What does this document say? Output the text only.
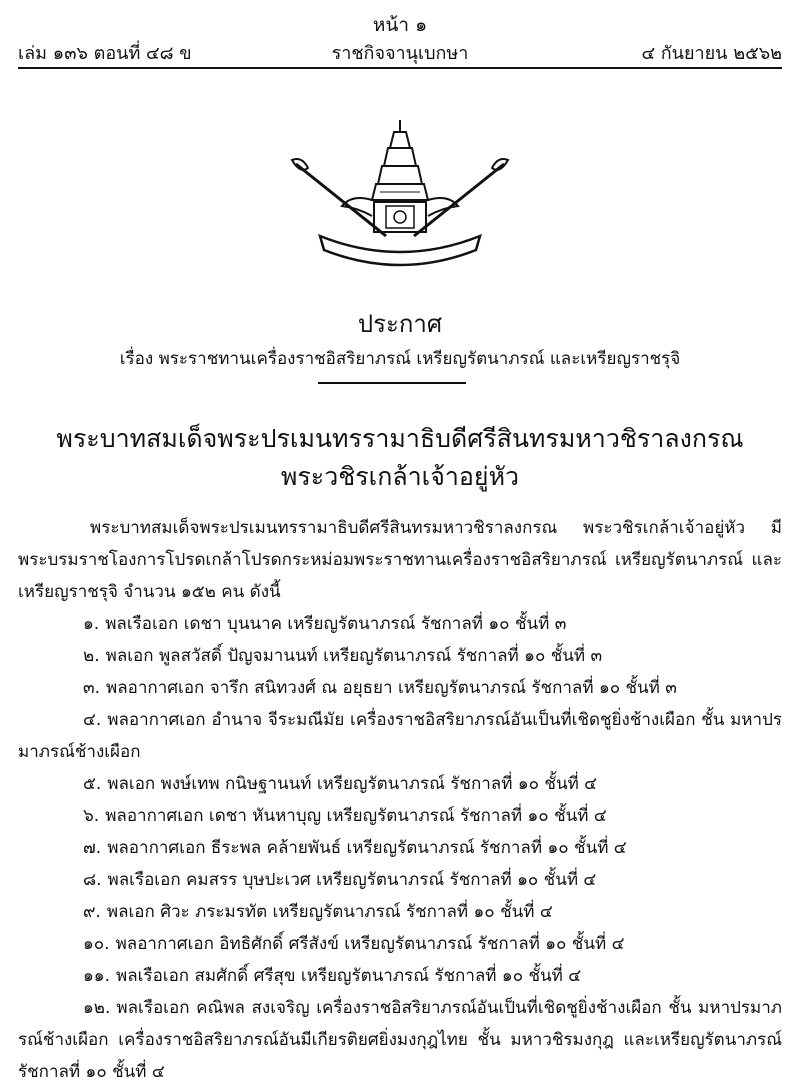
หน้า ๑
เล่ม ๑๓๖ ตอนที่ ๔๘ ข	ราชกิจจานุเบกษา	๔ กันยายน ๒๕๖๒
ประกาศ
เรื่อง พระราชทานเครื่องราชอิสริยาภรณ์ เหรียญรัตนาภรณ์ และเหรียญราชรุจิ
พระบาทสมเด็จพระปรเมนทรรามาธิบดีศรีสินทรมหาวชิราลงกรณ
พระวชิรเกล้าเจ้าอยู่หัว
พระบาทสมเด็จพระปรเมนทรรามาธิบดีศรีสินทรมหาวชิราลงกรณ พระวชิรเกล้าเจ้าอยู่หัว มีพระบรมราชโองการโปรดเกล้าโปรดกระหม่อมพระราชทานเครื่องราชอิสริยาภรณ์ เหรียญรัตนาภรณ์ และเหรียญราชรุจิ จำนวน ๑๕๒ คน ดังนี้
๑. พลเรือเอก เดชา บุนนาค เหรียญรัตนาภรณ์ รัชกาลที่ ๑๐ ชั้นที่ ๓
๒. พลเอก พูลสวัสดิ์ ปัญจมานนท์ เหรียญรัตนาภรณ์ รัชกาลที่ ๑๐ ชั้นที่ ๓
๓. พลอากาศเอก จารึก สนิทวงศ์ ณ อยุธยา เหรียญรัตนาภรณ์ รัชกาลที่ ๑๐ ชั้นที่ ๓
๔. พลอากาศเอก อำนาจ จีระมณีมัย เครื่องราชอิสริยาภรณ์อันเป็นที่เชิดชูยิ่งช้างเผือก ชั้น มหาปรมาภรณ์ช้างเผือก
๕. พลเอก พงษ์เทพ กนิษฐานนท์ เหรียญรัตนาภรณ์ รัชกาลที่ ๑๐ ชั้นที่ ๔
๖. พลอากาศเอก เดชา หันหาบุญ เหรียญรัตนาภรณ์ รัชกาลที่ ๑๐ ชั้นที่ ๔
๗. พลอากาศเอก ธีระพล คล้ายพันธ์ เหรียญรัตนาภรณ์ รัชกาลที่ ๑๐ ชั้นที่ ๔
๘. พลเรือเอก คมสรร บุษปะเวศ เหรียญรัตนาภรณ์ รัชกาลที่ ๑๐ ชั้นที่ ๔
๙. พลเอก ศิวะ ภระมรทัต เหรียญรัตนาภรณ์ รัชกาลที่ ๑๐ ชั้นที่ ๔
๑๐. พลอากาศเอก อิทธิศักดิ์ ศรีสังข์ เหรียญรัตนาภรณ์ รัชกาลที่ ๑๐ ชั้นที่ ๔
๑๑. พลเรือเอก สมศักดิ์ ศรีสุข เหรียญรัตนาภรณ์ รัชกาลที่ ๑๐ ชั้นที่ ๔
๑๒. พลเรือเอก คณิพล สงเจริญ เครื่องราชอิสริยาภรณ์อันเป็นที่เชิดชูยิ่งช้างเผือก ชั้น มหาปรมาภรณ์ช้างเผือก เครื่องราชอิสริยาภรณ์อันมีเกียรติยศยิ่งมงกุฎไทย ชั้น มหาวชิรมงกุฎ และเหรียญรัตนาภรณ์ รัชกาลที่ ๑๐ ชั้นที่ ๔
